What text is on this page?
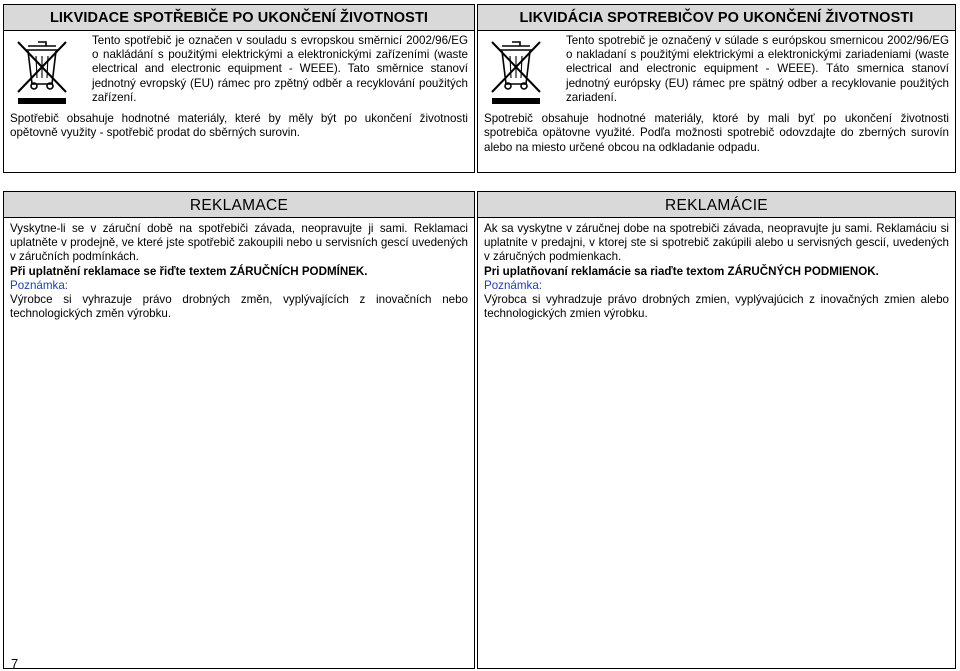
LIKVIDACE SPOTŘEBIČE PO UKONČENÍ ŽIVOTNOSTI

Tento spotřebič je označen v souladu s evropskou směrnicí 2002/96/EG o nakládání s použitými elektrickými a elektronickými zařízeními (waste electrical and electronic equipment - WEEE). Tato směrnice stanoví jednotný evropský (EU) rámec pro zpětný odběr a recyklování použitých zařízení.

Spotřebič obsahuje hodnotné materiály, které by měly být po ukončení životnosti opětovně využity - spotřebič prodat do sběrných surovin.

REKLAMACE

Vyskytne-li se v záruční době na spotřebiči závada, neopravujte ji sami. Reklamaci uplatněte v prodejně, ve které jste spotřebič zakoupili nebo u servisních gescí uvedených v záručních podmínkách.

Při uplatnění reklamace se řiďte textem ZÁRUČNÍCH PODMÍNEK.

Poznámka:

Výrobce si vyhrazuje právo drobných změn, vyplývajících z inovačních nebo technologických změn výrobku.

LIKVIDÁCIA SPOTREBIČOV PO UKONČENÍ ŽIVOTNOSTI

Tento spotrebič je označený v súlade s európskou smernicou 2002/96/EG o nakladaní s použitými elektrickými a elektronickými zariadeniami (waste electrical and electronic equipment - WEEE). Táto smernica stanoví jednotný európsky (EU) rámec pre spätný odber a recyklovanie použitých zariadení.

Spotrebič obsahuje hodnotné materiály, ktoré by mali byť po ukončení životnosti spotrebiča opätovne využité. Podľa možnosti spotrebič odovzdajte do zberných surovín alebo na miesto určené obcou na odkladanie odpadu.

REKLAMÁCIE

Ak sa vyskytne v záručnej dobe na spotrebiči závada, neopravujte ju sami. Reklamáciu si uplatnite v predajni, v ktorej ste si spotrebič zakúpili alebo u servisných gescií, uvedených v záručných podmienkach.

Pri uplatňovaní reklamácie sa riaďte textom ZÁRUČNÝCH PODMIENOK.

Poznámka:

Výrobca si vyhradzuje právo drobných zmien, vyplývajúcich z inovačných zmien alebo technologických zmien výrobku.

7
